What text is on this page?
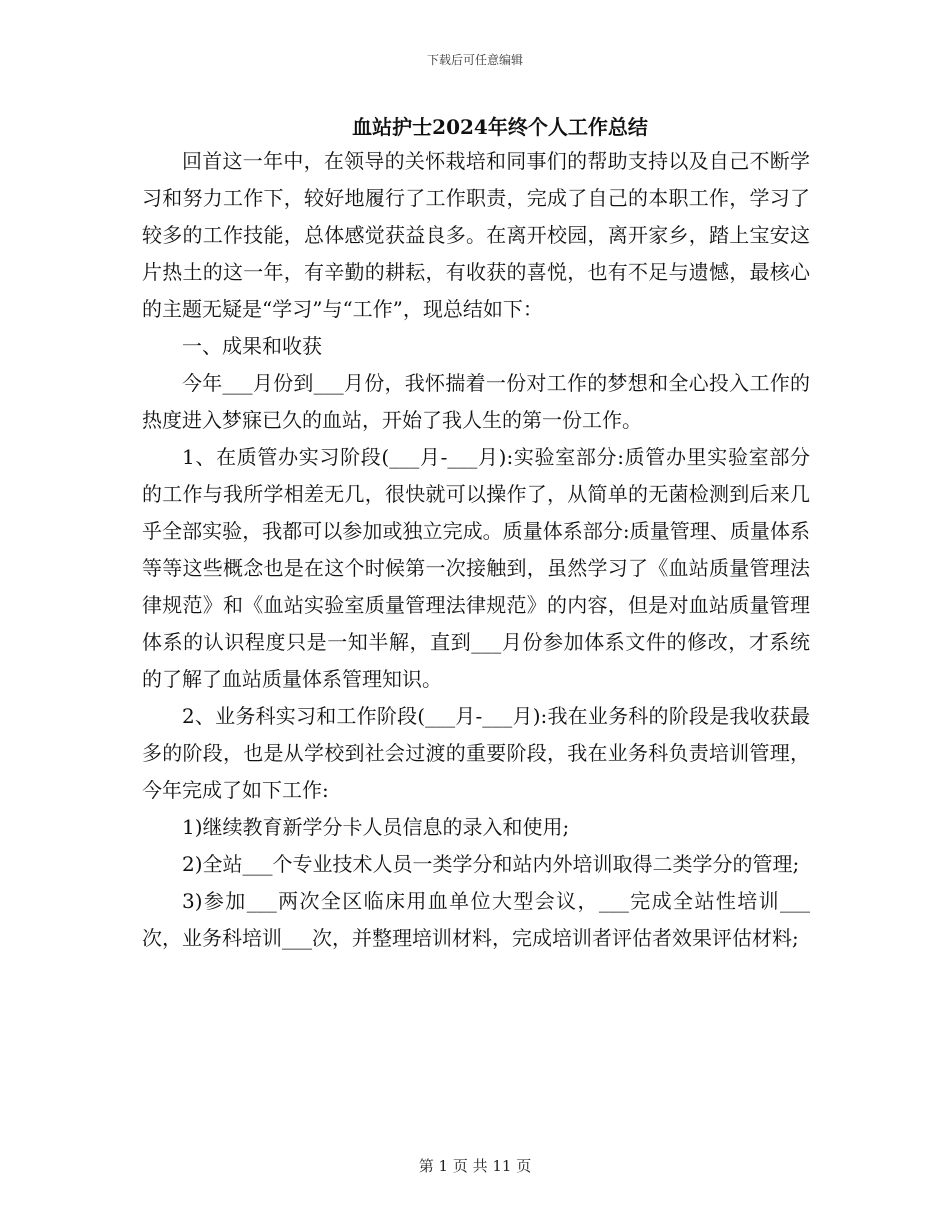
下载后可任意编辑
血站护士2024年终个人工作总结

回首这一年中，在领导的关怀栽培和同事们的帮助支持以及自己不断学习和努力工作下，较好地履行了工作职责，完成了自己的本职工作，学习了较多的工作技能，总体感觉获益良多。在离开校园，离开家乡，踏上宝安这片热土的这一年，有辛勤的耕耘，有收获的喜悦，也有不足与遗憾，最核心的主题无疑是“学习”与“工作”，现总结如下：

一、成果和收获

今年___月份到___月份，我怀揣着一份对工作的梦想和全心投入工作的热度进入梦寐已久的血站，开始了我人生的第一份工作。

1、在质管办实习阶段(___月-___月):实验室部分:质管办里实验室部分的工作与我所学相差无几，很快就可以操作了，从简单的无菌检测到后来几乎全部实验，我都可以参加或独立完成。质量体系部分:质量管理、质量体系等等这些概念也是在这个时候第一次接触到，虽然学习了《血站质量管理法律规范》和《血站实验室质量管理法律规范》的内容，但是对血站质量管理体系的认识程度只是一知半解，直到___月份参加体系文件的修改，才系统的了解了血站质量体系管理知识。

2、业务科实习和工作阶段(___月-___月):我在业务科的阶段是我收获最多的阶段，也是从学校到社会过渡的重要阶段，我在业务科负责培训管理，今年完成了如下工作:

1)继续教育新学分卡人员信息的录入和使用;

2)全站___个专业技术人员一类学分和站内外培训取得二类学分的管理;

3)参加___两次全区临床用血单位大型会议，___完成全站性培训___次，业务科培训___次，并整理培训材料，完成培训者评估者效果评估材料;

第 1 页 共 11 页
